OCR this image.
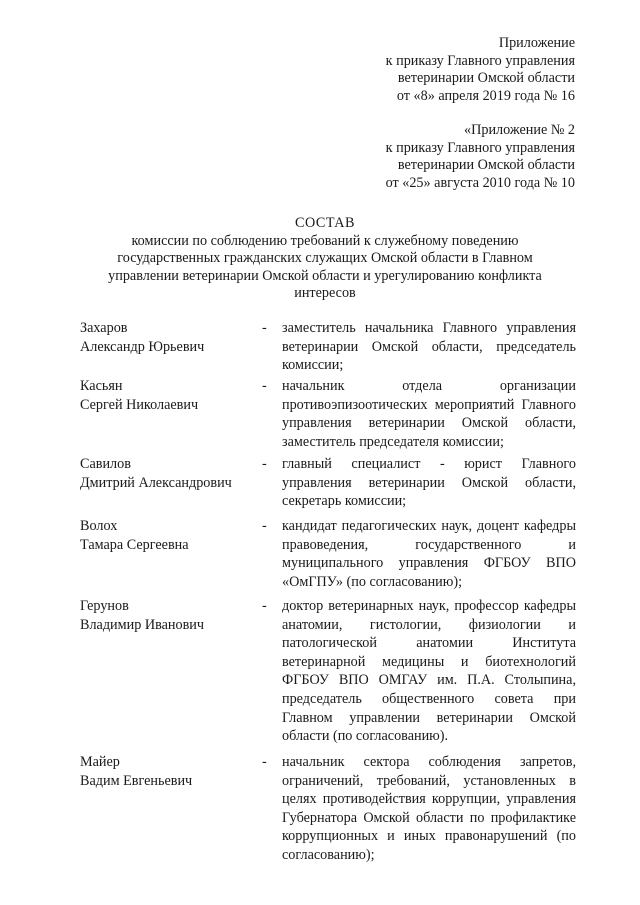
Приложение
к приказу Главного управления
ветеринарии Омской области
от «8» апреля 2019 года № 16
«Приложение № 2
к приказу Главного управления
ветеринарии Омской области
от «25» августа 2010 года № 10
СОСТАВ
комиссии по соблюдению требований к служебному поведению государственных гражданских служащих Омской области в Главном управлении ветеринарии Омской области и урегулированию конфликта интересов
Захаров
Александр Юрьевич
- заместитель начальника Главного управления ветеринарии Омской области, председатель комиссии;
Касьян
Сергей Николаевич
- начальник отдела организации противоэпизоотических мероприятий Главного управления ветеринарии Омской области, заместитель председателя комиссии;
Савилов
Дмитрий Александрович
- главный специалист - юрист Главного управления ветеринарии Омской области, секретарь комиссии;
Волох
Тамара Сергеевна
- кандидат педагогических наук, доцент кафедры правоведения, государственного и муниципального управления ФГБОУ ВПО «ОмГПУ» (по согласованию);
Герунов
Владимир Иванович
- доктор ветеринарных наук, профессор кафедры анатомии, гистологии, физиологии и патологической анатомии Института ветеринарной медицины и биотехнологий ФГБОУ ВПО ОМГАУ им. П.А. Столыпина, председатель общественного совета при Главном управлении ветеринарии Омской области (по согласованию).
Майер
Вадим Евгеньевич
- начальник сектора соблюдения запретов, ограничений, требований, установленных в целях противодействия коррупции, управления Губернатора Омской области по профилактике коррупционных и иных правонарушений (по согласованию);
